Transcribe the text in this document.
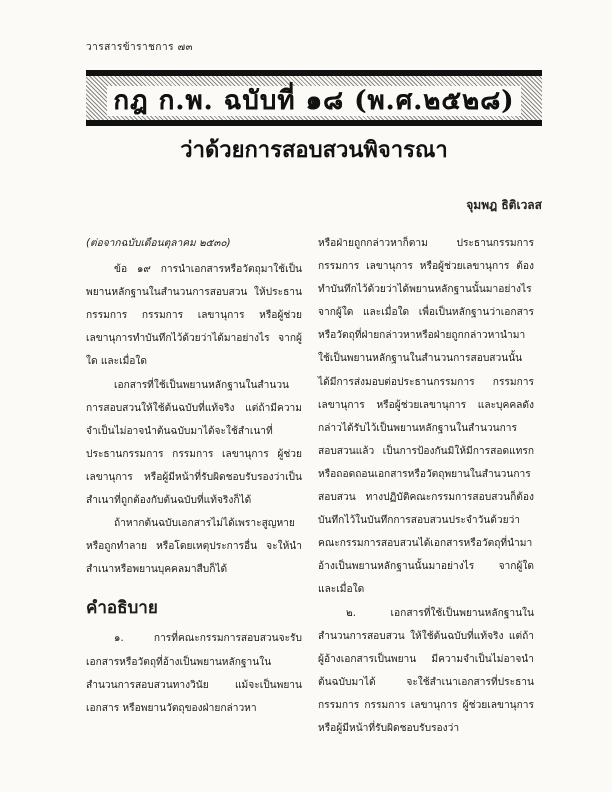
วารสารข้าราชการ ๗๓
กฎ ก.พ. ฉบับที่ ๑๘ (พ.ศ.๒๕๒๘)
ว่าด้วยการสอบสวนพิจารณา
จุมพฎ ธิติเวลส

(ต่อจากฉบับเดือนตุลาคม ๒๕๓๐)

ข้อ ๑๙ การนำเอกสารหรือวัตถุมาใช้เป็นพยานหลักฐานในสำนวนการสอบสวน ให้ประธานกรรมการ กรรมการ เลขานุการ หรือผู้ช่วยเลขานุการทำบันทึกไว้ด้วยว่าได้มาอย่างไร จากผู้ใด และเมื่อใด

เอกสารที่ใช้เป็นพยานหลักฐานในสำนวนการสอบสวนให้ใช้ต้นฉบับที่แท้จริง แต่ถ้ามีความจำเป็นไม่อาจนำต้นฉบับมาได้จะใช้สำเนาที่ประธานกรรมการ กรรมการ เลขานุการ ผู้ช่วยเลขานุการ หรือผู้มีหน้าที่รับผิดชอบรับรองว่าเป็นสำเนาที่ถูกต้องกับต้นฉบับที่แท้จริงก็ได้

ถ้าหากต้นฉบับเอกสารไม่ได้เพราะสูญหาย หรือถูกทำลาย หรือโดยเหตุประการอื่น จะให้นำสำเนาหรือพยานบุคคลมาสืบก็ได้

คำอธิบาย

๑. การที่คณะกรรมการสอบสวนจะรับเอกสารหรือวัตถุที่อ้างเป็นพยานหลักฐานในสำนวนการสอบสวนทางวินัย แม้จะเป็นพยานเอกสาร หรือพยานวัตถุของฝ่ายกล่าวหา

หรือฝ่ายถูกกล่าวหาก็ตาม ประธานกรรมการ กรรมการ เลขานุการ หรือผู้ช่วยเลขานุการ ต้องทำบันทึกไว้ด้วยว่าได้พยานหลักฐานนั้นมาอย่างไร จากผู้ใด และเมื่อใด เพื่อเป็นหลักฐานว่าเอกสารหรือวัตถุที่ฝ่ายกล่าวหาหรือฝ่ายถูกกล่าวหานำมาใช้เป็นพยานหลักฐานในสำนวนการสอบสวนนั้น ได้มีการส่งมอบต่อประธานกรรมการ กรรมการ เลขานุการ หรือผู้ช่วยเลขานุการ และบุคคลดังกล่าวได้รับไว้เป็นพยานหลักฐานในสำนวนการสอบสวนแล้ว เป็นการป้องกันมิให้มีการสอดแทรก หรือถอดถอนเอกสารหรือวัตถุพยานในสำนวนการสอบสวน ทางปฏิบัติคณะกรรมการสอบสวนก็ต้องบันทึกไว้ในบันทึกการสอบสวนประจำวันด้วยว่า คณะกรรมการสอบสวนได้เอกสารหรือวัตถุที่นำมาอ้างเป็นพยานหลักฐานนั้นมาอย่างไร จากผู้ใด และเมื่อใด

๒. เอกสารที่ใช้เป็นพยานหลักฐานในสำนวนการสอบสวน ให้ใช้ต้นฉบับที่แท้จริง แต่ถ้าผู้อ้างเอกสารเป็นพยาน มีความจำเป็นไม่อาจนำต้นฉบับมาได้ จะใช้สำเนาเอกสารที่ประธานกรรมการ กรรมการ เลขานุการ ผู้ช่วยเลขานุการ หรือผู้มีหน้าที่รับผิดชอบรับรองว่า
